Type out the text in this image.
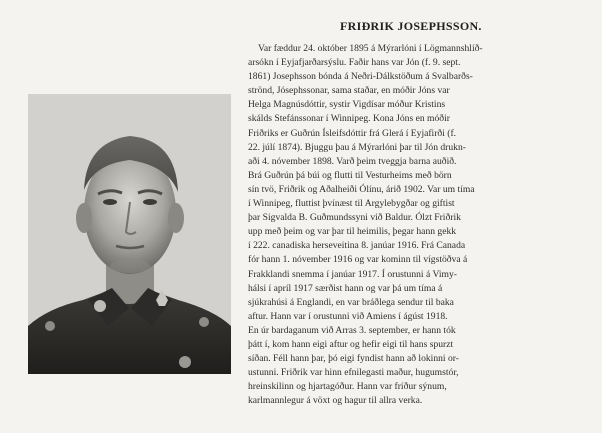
FRIÐRIK JOSEPHSSON.
Var fæddur 24. október 1895 á Mýrarlóni í Lögmannshlíð-
arsókn í Eyjafjarðarsýslu. Faðir hans var Jón (f. 9. sept.
1861) Josephsson bónda á Neðri-Dálkstöðum á Svalbarðs-
strönd, Jósephssonar, sama staðar, en móðir Jóns var
Helga Magnúsdóttir, systir Vigdísar móður Kristins
skálds Stefánssonar í Winnipeg. Kona Jóns en móðir
Friðriks er Guðrún Ísleifsdóttir frá Glerá í Eyjafirði (f.
22. júlí 1874). Bjuggu þau á Mýrarlóni þar til Jón drukn-
aði 4. nóvember 1898. Varð þeim tveggja barna auðið.
Brá Guðrún þá búi og flutti til Vesturheims með börn
sín tvö, Friðrik og Aðalheiði Ólínu, árið 1902. Var um tíma
í Winnipeg, fluttist þvínæst til Argylebygðar og giftist
þar Sigvalda B. Guðmundssyni við Baldur. Ólzt Friðrik
upp með þeim og var þar til heimilis, þegar hann gekk
í 222. canadiska herseveitina 8. janúar 1916. Frá Canada
fór hann 1. nóvember 1916 og var kominn til vígstöðva á
Frakklandi snemma í janúar 1917. Í orustunni á Vimy-
hálsi í apríl 1917 særðist hann og var þá um tíma á
sjúkrahúsi á Englandi, en var bráðlega sendur til baka
aftur. Hann var í orustunni við Amiens í ágúst 1918.
En úr bardaganum við Arras 3. september, er hann tók
þátt í, kom hann eigi aftur og hefir eigi til hans spurzt
síðan. Féll hann þar, þó eigi fyndist hann að lokinni or-
ustunni. Friðrik var hinn efnilegasti maður, hugumstór,
hreinskilinn og hjartagóður. Hann var fríður sýnum,
karlmannlegur á vöxt og hagur til allra verka.
